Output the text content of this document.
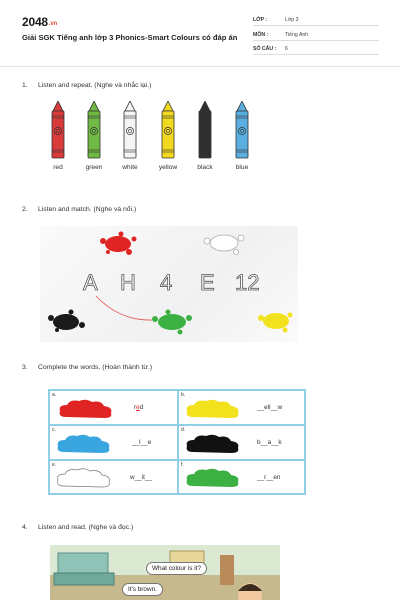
2048.vn
Giải SGK Tiếng anh lớp 3 Phonics-Smart Colours có đáp án
LỚP :	Lớp 3
MÔN :	Tiếng Anh
SỐ CÂU : 6
1. Listen and repeat. (Nghe và nhắc lại.)
red	green	white	yellow	black	blue
2. Listen and match. (Nghe và nối.)
A H 4 E 12
3. Complete the words. (Hoàn thành từ.)
a.
red
b.
__ell__w
c.
__l__e
d.
b__a__k
e.
w__it__
f.
__r__en
4. Listen and read. (Nghe và đọc.)
What colour is it?
It's brown.
